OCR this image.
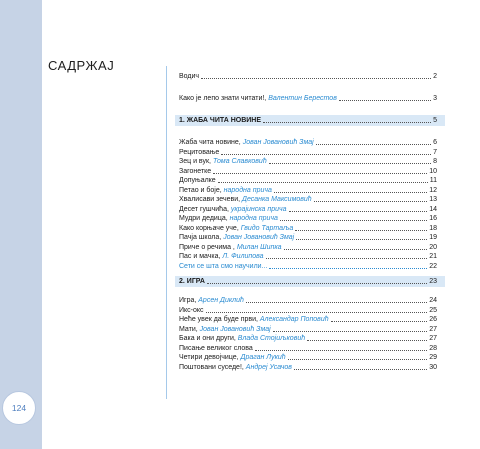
124
САДРЖАЈ
Водич	2
Како је лепо знати читати!, Валентин Берестов	3
1. ЖАБА ЧИТА НОВИНЕ	5
Жаба чита новине, Јован Јовановић Змај	6
Рецитовање	7
Зец и вук, Тома Славковић	8
Загонетке	10
Допуњалке	11
Петао и боје, народна прича	12
Хвалисави зечеви, Десанка Максимовић	13
Десет гушчића, украјинска прича	14
Мудри дедица, народна прича	16
Како корњаче уче, Гвидо Тартаља	18
Пачја школа, Јован Јовановић Змај	19
Приче о речима , Милан Шипка	20
Пас и мачка, Л. Филипова	21
Сети се шта смо научили...	22
2. ИГРА	23
Игра, Арсен Диклић	24
Икс-окс	25
Неће увек да буде први, Александар Поповић	26
Мати, Јован Јовановић Змај	27
Бака и они други, Влада Стојиљковић	27
Писање великог слова	28
Четири девојчице, Драган Лукић	29
Поштовани суседе!, Андреј Усачов	30
